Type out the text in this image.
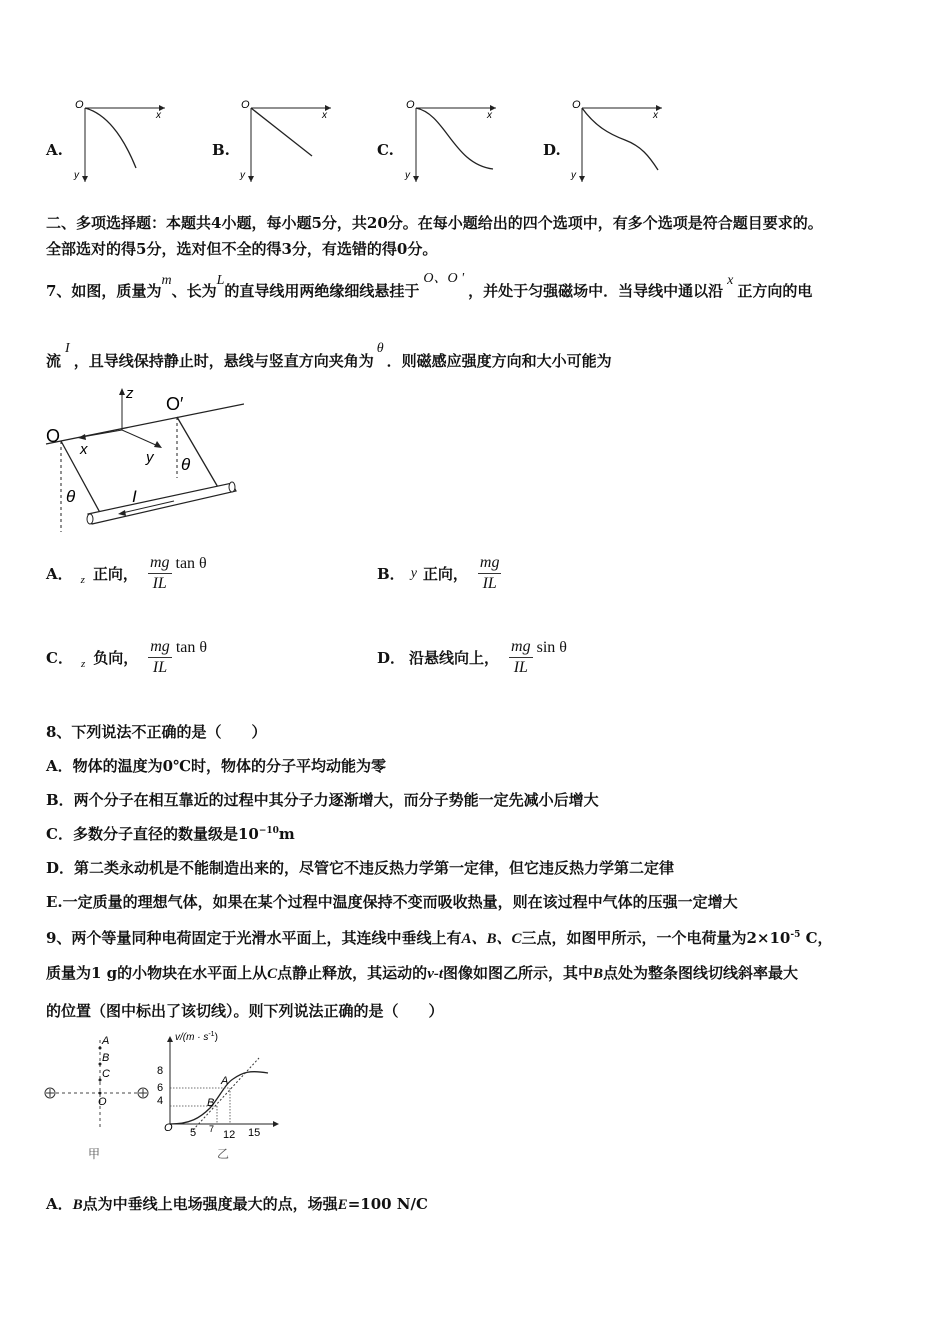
A.	B.	C.	D.
O
x
y
O
x
y
O
x
y
O
x
y
二、多项选择题：本题共4小题，每小题5分，共20分。在每小题给出的四个选项中，有多个选项是符合题目要求的。
全部选对的得5分，选对但不全的得3分，有选错的得0分。
7、如图，质量为$^m$、长为$^L$的直导线用两绝缘细线悬挂于$^{O、O '}$，并处于匀强磁场中．当导线中通以沿$^x$正方向的电
流$^I$，且导线保持静止时，悬线与竖直方向夹角为$^\theta$．则磁感应强度方向和大小可能为
O
O′
x	y
z
I
θ
θ
A． z 正向， $\frac{mg}{IL}$ tan θ
B． y 正向， $\frac{mg}{IL}$
C． z 负向， $\frac{mg}{IL}$ tan θ
D． 沿悬线向上， $\frac{mg}{IL}$ sin θ
8、下列说法不正确的是（　　）
A．物体的温度为0℃时，物体的分子平均动能为零
B．两个分子在相互靠近的过程中其分子力逐渐增大，而分子势能一定先减小后增大
C．多数分子直径的数量级是$10^{-10}m$
D．第二类永动机是不能制造出来的，尽管它不违反热力学第一定律，但它违反热力学第二定律
E.一定质量的理想气体，如果在某个过程中温度保持不变而吸收热量，则在该过程中气体的压强一定增大
9、两个等量同种电荷固定于光滑水平面上，其连线中垂线上有A、B、C三点，如图甲所示，一个电荷量为$2\times 10^{-5}$ C，
质量为1 g的小物块在水平面上从C点静止释放，其运动的v-t图像如图乙所示，其中B点处为整条图线切线斜率最大
的位置（图中标出了该切线）。则下列说法正确的是（　　）
A
B
C
O
甲
$v/(m \cdot s^{-1})$
8
6
4
O 5 7 12 15
A
B
乙
A．B点为中垂线上电场强度最大的点，场强E=100 N/C
